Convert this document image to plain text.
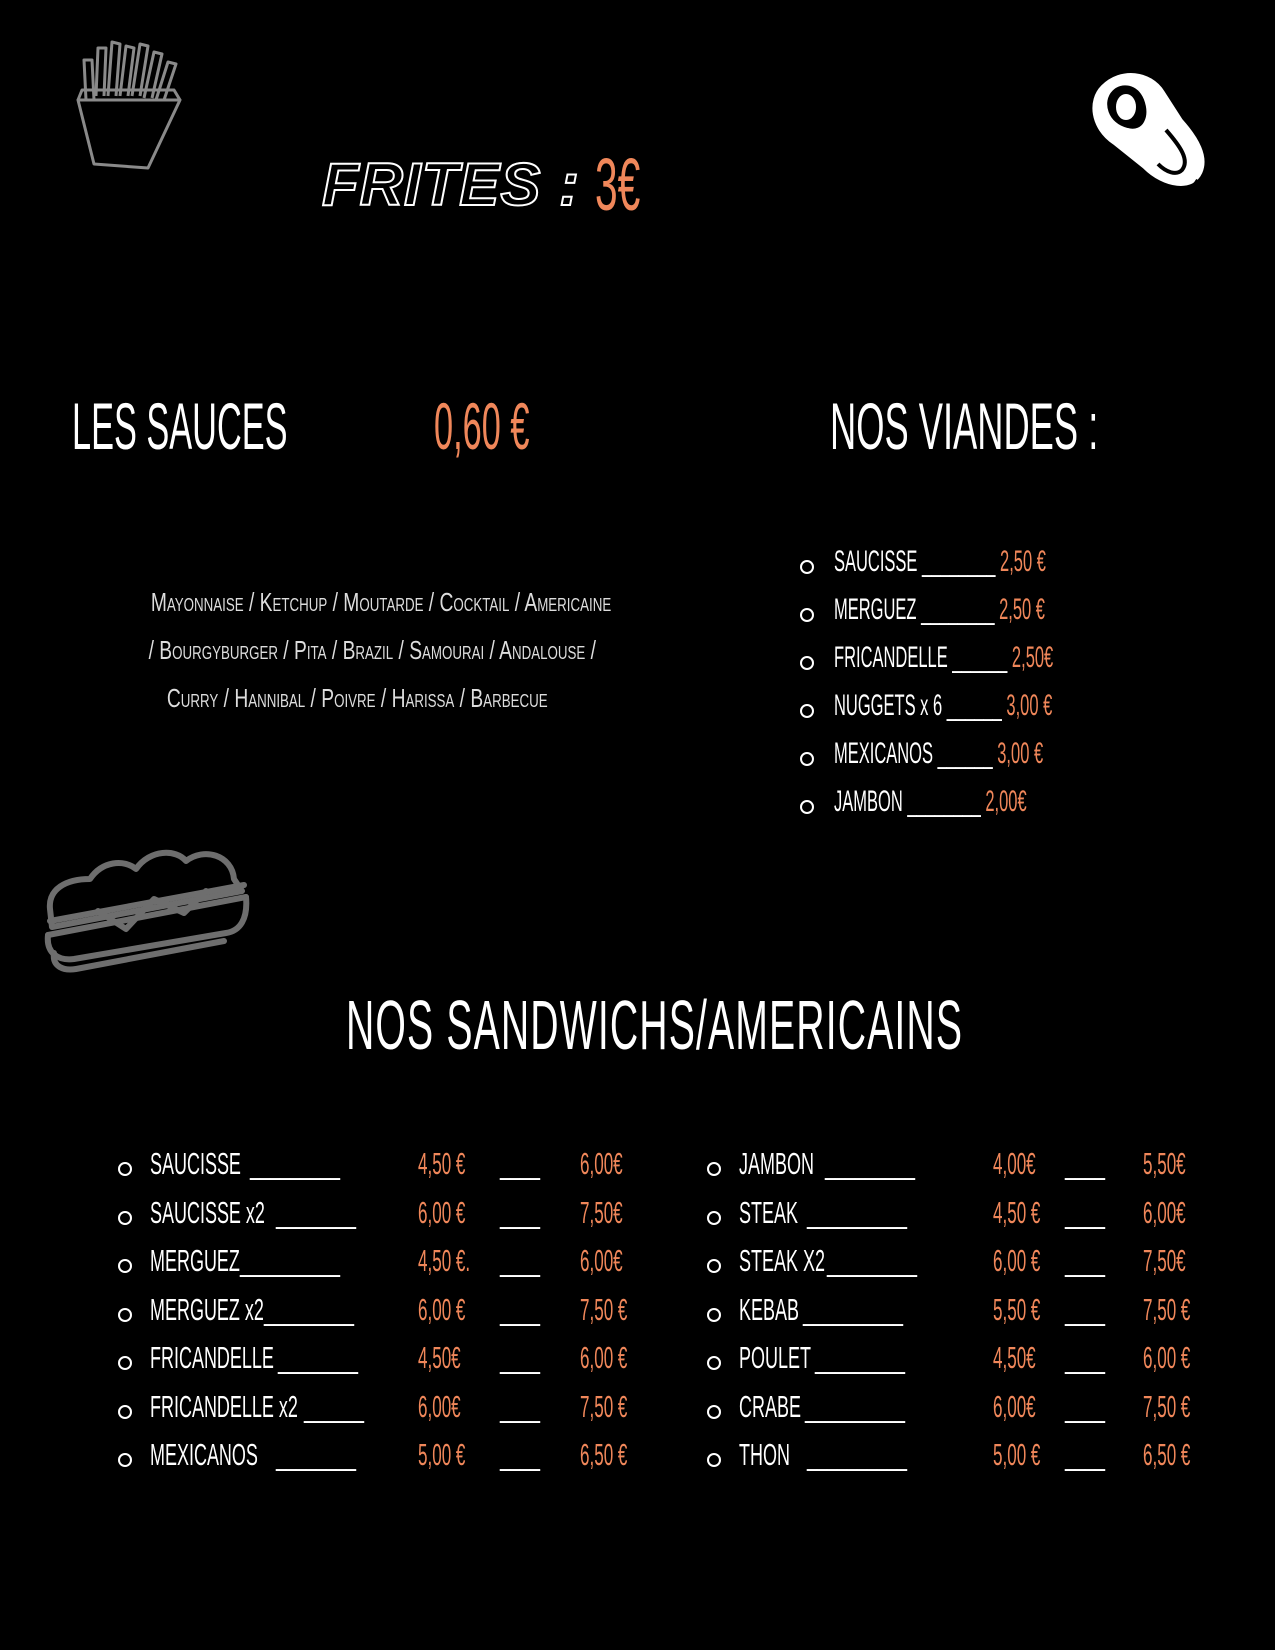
FRITES : 3€
LES SAUCES 0,60 €
Mayonnaise / Ketchup / Moutarde / Cocktail / Americaine
/ Bourgyburger / Pita / Brazil / Samourai / Andalouse /
Curry / Hannibal / Poivre / Harissa / Barbecue
NOS VIANDES :
SAUCISSE ________ 2,50 €
MERGUEZ ________ 2,50 €
FRICANDELLE ______ 2,50€
NUGGETS x 6 ______ 3,00 €
MEXICANOS ______ 3,00 €
JAMBON ________ 2,00€
NOS SANDWICHS/AMERICAINS
SAUCISSE _________	4,50 € ____ 6,00€
SAUCISSE x2 ________ 6,00 € ____ 7,50€
MERGUEZ __________	4,50 €. ____ 6,00€
MERGUEZ x2 _________ 6,00 € ____ 7,50 €
FRICANDELLE ________ 4,50€ ____ 6,00 €
FRICANDELLE x2 ______ 6,00€ ____ 7,50 €
MEXICANOS ________ 5,00 € ____ 6,50 €
JAMBON _________	4,00€ ____ 5,50€
STEAK __________	4,50 € ____ 6,00€
STEAK X2 _________ 6,00 € ____ 7,50€
KEBAB __________	5,50 € ____ 7,50 €
POULET _________	4,50€ ____ 6,00 €
CRABE __________	6,00€ ____ 7,50 €
THON __________	5,00 € ____ 6,50 €
